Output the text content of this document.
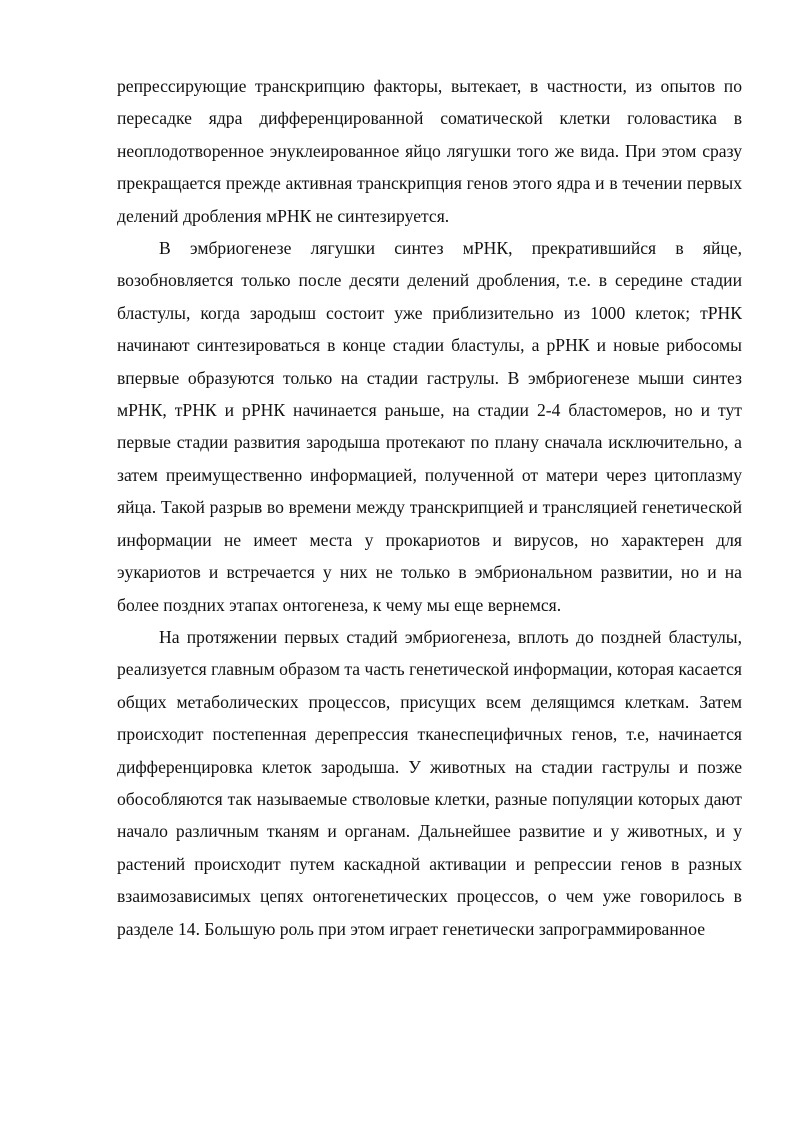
репрессирующие транскрипцию факторы, вытекает, в частности, из опытов по пересадке ядра дифференцированной соматической клетки головастика в неоплодотворенное энуклеированное яйцо лягушки того же вида. При этом сразу прекращается прежде активная транскрипция генов этого ядра и в течении первых делений дробления мРНК не синтезируется.

В эмбриогенезе лягушки синтез мРНК, прекратившийся в яйце, возобновляется только после десяти делений дробления, т.е. в середине стадии бластулы, когда зародыш состоит уже приблизительно из 1000 клеток; тРНК начинают синтезироваться в конце стадии бластулы, а рРНК и новые рибосомы впервые образуются только на стадии гаструлы. В эмбриогенезе мыши синтез мРНК, тРНК и рРНК начинается раньше, на стадии 2-4 бластомеров, но и тут первые стадии развития зародыша протекают по плану сначала исключительно, а затем преимущественно информацией, полученной от матери через цитоплазму яйца. Такой разрыв во времени между транскрипцией и трансляцией генетической информации не имеет места у прокариотов и вирусов, но характерен для эукариотов и встречается у них не только в эмбриональном развитии, но и на более поздних этапах онтогенеза, к чему мы еще вернемся.

На протяжении первых стадий эмбриогенеза, вплоть до поздней бластулы, реализуется главным образом та часть генетической информации, которая касается общих метаболических процессов, присущих всем делящимся клеткам. Затем происходит постепенная дерепрессия тканеспецифичных генов, т.е, начинается дифференцировка клеток зародыша. У животных на стадии гаструлы и позже обособляются так называемые стволовые клетки, разные популяции которых дают начало различным тканям и органам. Дальнейшее развитие и у животных, и у растений происходит путем каскадной активации и репрессии генов в разных взаимозависимых цепях онтогенетических процессов, о чем уже говорилось в разделе 14. Большую роль при этом играет генетически запрограммированное
